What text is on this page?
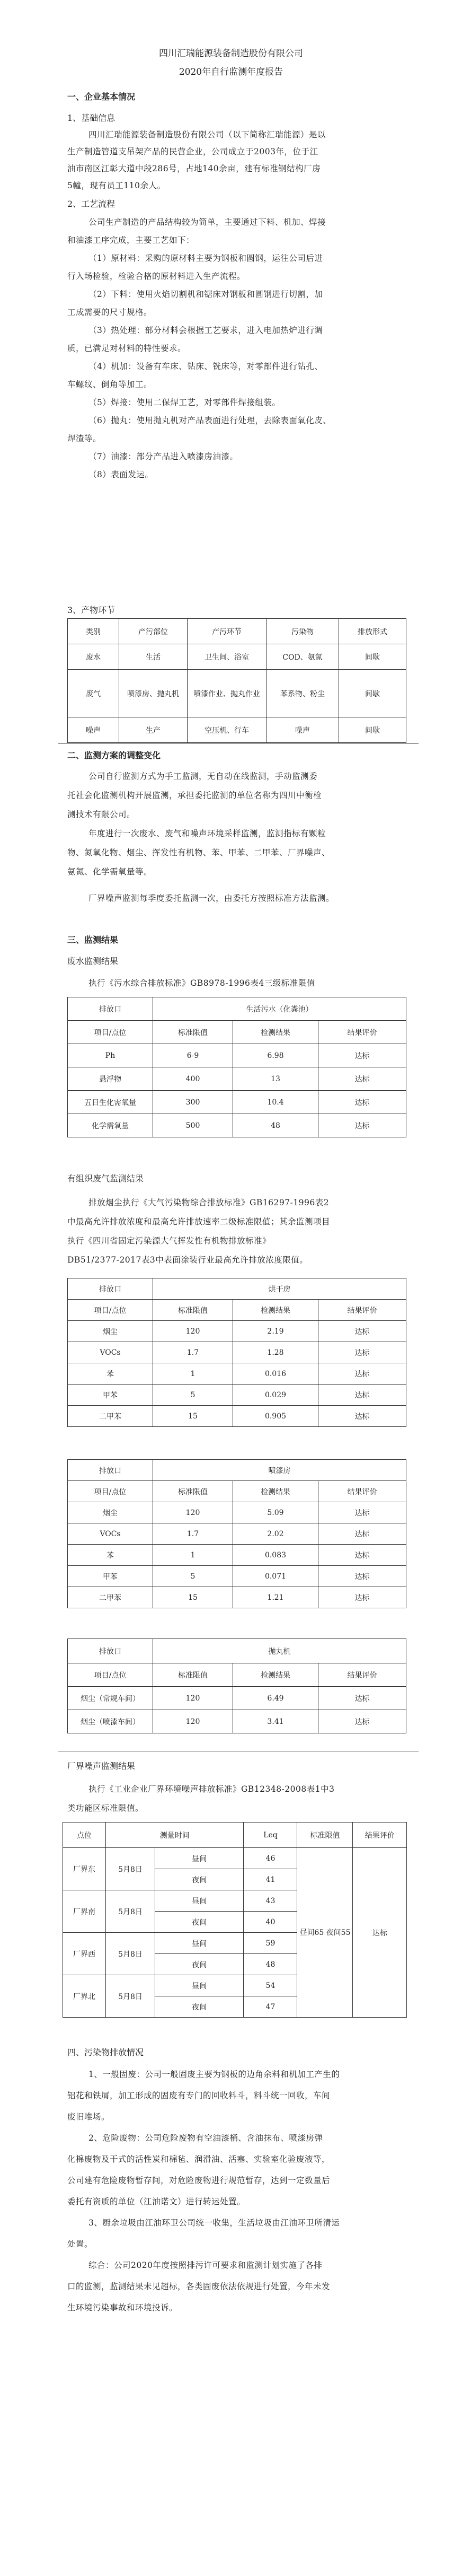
四川汇瑞能源装备制造股份有限公司
2020年自行监测年度报告
一、企业基本情况
1、基础信息
四川汇瑞能源装备制造股份有限公司（以下简称汇瑞能源）是以
生产制造管道支吊架产品的民营企业，公司成立于2003年，位于江
油市南区江彰大道中段286号，占地140余亩，建有标准钢结构厂房
5幢，现有员工110余人。
2、工艺流程
公司生产制造的产品结构较为简单，主要通过下料、机加、焊接
和油漆工序完成，主要工艺如下：
（1）原材料：采购的原材料主要为钢板和圆钢，运往公司后进
行入场检验，检验合格的原材料进入生产流程。
（2）下料：使用火焰切割机和锯床对钢板和圆钢进行切割，加
工成需要的尺寸规格。
（3）热处理：部分材料会根据工艺要求，进入电加热炉进行调
质，已满足对材料的特性要求。
（4）机加：设备有车床、钻床、铣床等，对零部件进行钻孔、
车螺纹、倒角等加工。
（5）焊接：使用二保焊工艺，对零部件焊接组装。
（6）抛丸：使用抛丸机对产品表面进行处理，去除表面氧化皮、
焊渣等。
（7）油漆：部分产品进入喷漆房油漆。
（8）表面发运。
3、产物环节
类别	产污部位	产污环节	污染物	排放形式
废水	生活	卫生间、浴室	COD、氨氮	间歇
废气	喷漆房、抛丸机	喷漆作业、抛丸作业	苯系物、粉尘	间歇
噪声	生产	空压机、行车	噪声	间歇
二、监测方案的调整变化
公司自行监测方式为手工监测，无自动在线监测，手动监测委
托社会化监测机构开展监测，承担委托监测的单位名称为四川中衡检
测技术有限公司。
年度进行一次废水、废气和噪声环境采样监测，监测指标有颗粒
物、氮氧化物、烟尘、挥发性有机物、苯、甲苯、二甲苯、厂界噪声、
氨氮、化学需氧量等。
厂界噪声监测每季度委托监测一次，由委托方按照标准方法监测。
三、监测结果
废水监测结果
执行《污水综合排放标准》GB8978-1996表4三级标准限值
排放口	生活污水（化粪池）		
项目/点位	标准限值	检测结果	结果评价
Ph	6-9	6.98	达标
悬浮物	400	13	达标
五日生化需氧量	300	10.4	达标
化学需氧量	500	48	达标
有组织废气监测结果
排放烟尘执行《大气污染物综合排放标准》GB16297-1996表2
中最高允许排放浓度和最高允许排放速率二级标准限值；其余监测项目
执行《四川省固定污染源大气挥发性有机物排放标准》
DB51/2377-2017表3中表面涂装行业最高允许排放浓度限值。
排放口	烘干房		
项目/点位	标准限值	检测结果	结果评价
烟尘	120	2.19	达标
VOCs	1.7	1.28	达标
苯	1	0.016	达标
甲苯	5	0.029	达标
二甲苯	15	0.905	达标
排放口	喷漆房		
项目/点位	标准限值	检测结果	结果评价
烟尘	120	5.09	达标
VOCs	1.7	2.02	达标
苯	1	0.083	达标
甲苯	5	0.071	达标
二甲苯	15	1.21	达标
排放口	抛丸机		
项目/点位	标准限值	检测结果	结果评价
烟尘（常规车间）	120	6.49	达标
烟尘（喷漆车间）	120	3.41	达标
厂界噪声监测结果
执行《工业企业厂界环境噪声排放标准》GB12348-2008表1中3
类功能区标准限值。
点位	测量时间		Leq	标准限值	结果评价
厂界东	5月8日	昼间	46	昼间65 夜间55	达标
		夜间	41		
厂界南	5月8日	昼间	43		
		夜间	40		
厂界西	5月8日	昼间	59		
		夜间	48		
厂界北	5月8日	昼间	54		
		夜间	47		
四、污染物排放情况
1、一般固废：公司一般固废主要为钢板的边角余料和机加工产生的
铝花和铁屑，加工形成的固废有专门的回收料斗，料斗统一回收，车间
废旧堆场。
2、危险废物：公司危险废物有空油漆桶、含油抹布、喷漆房弹
化棉废物及干式的活性炭和棉毡、润滑油、活塞、实验室化验废液等，
公司建有危险废物暂存间，对危险废物进行规范暂存，达到一定数量后
委托有资质的单位（江油诺文）进行转运处置。
3、厨余垃圾由江油环卫公司统一收集，生活垃圾由江油环卫所清运
处置。
综合：公司2020年度按照排污许可要求和监测计划实施了各排
口的监测，监测结果未见超标，各类固废依法依规进行处置，今年未发
生环境污染事故和环境投诉。
